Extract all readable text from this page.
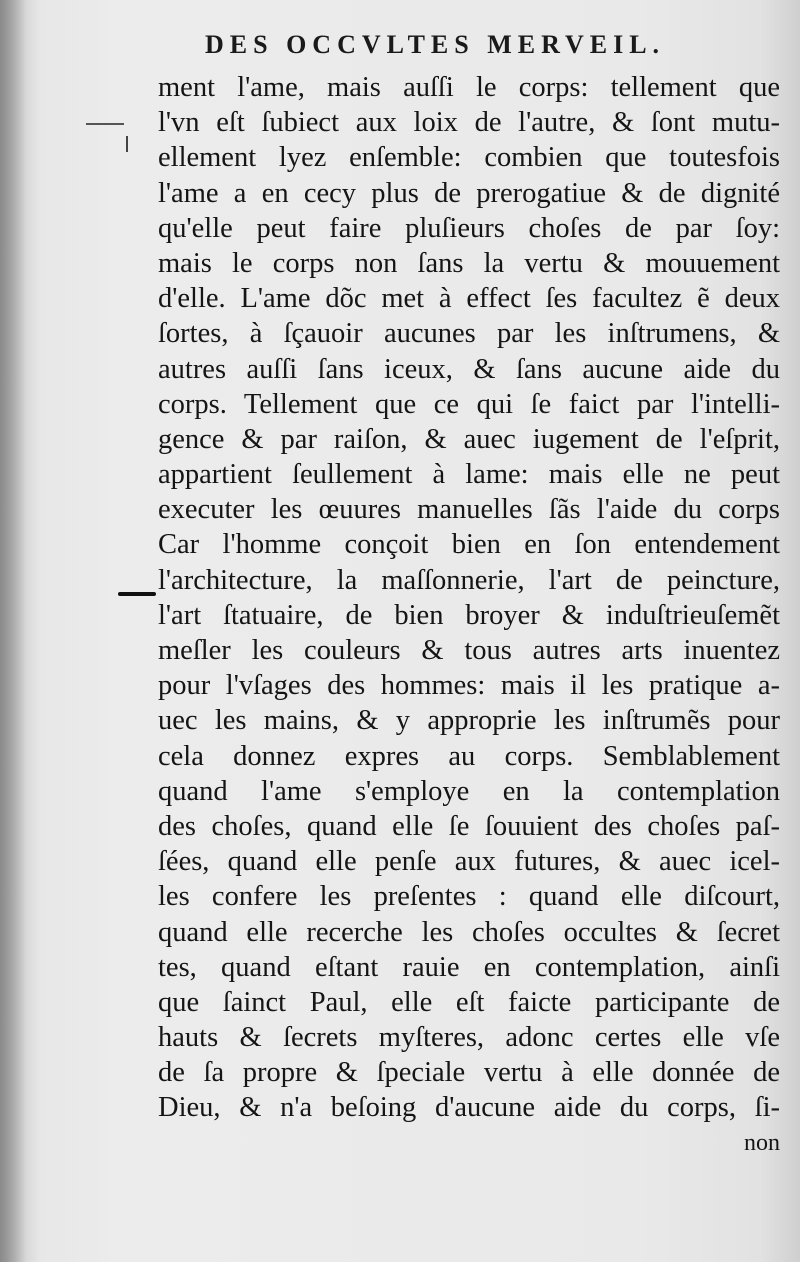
DES OCCVLTES MERVEIL.
ment l'ame, mais auſſi le corps: tellement que
l'vn eſt ſubiect aux loix de l'autre, & ſont mutu-
ellement lyez enſemble: combien que toutesfois
l'ame a en cecy plus de prerogatiue & de dignité
qu'elle peut faire pluſieurs choſes de par ſoy:
mais le corps non ſans la vertu & mouuement
d'elle. L'ame dõc met à effect ſes facultez ẽ deux
ſortes, à ſçauoir aucunes par les inſtrumens, &
autres auſſi ſans iceux, & ſans aucune aide du
corps. Tellement que ce qui ſe faict par l'intelli-
gence & par raiſon, & auec iugement de l'eſprit,
appartient ſeullement à lame: mais elle ne peut
executer les œuures manuelles ſãs l'aide du corps
Car l'homme conçoit bien en ſon entendement
l'architecture, la maſſonnerie, l'art de peincture,
l'art ſtatuaire, de bien broyer & induſtrieuſemẽt
meſler les couleurs & tous autres arts inuentez
pour l'vſages des hommes: mais il les pratique a-
uec les mains, & y approprie les inſtrumẽs pour
cela donnez expres au corps. Semblablement
quand l'ame s'employe en la contemplation
des choſes, quand elle ſe ſouuient des choſes paſ-
ſées, quand elle penſe aux futures, & auec icel-
les confere les preſentes : quand elle diſcourt,
quand elle recerche les choſes occultes & ſecret
tes, quand eſtant rauie en contemplation, ainſi
que ſainct Paul, elle eſt faicte participante de
hauts & ſecrets myſteres, adonc certes elle vſe
de ſa propre & ſpeciale vertu à elle donnée de
Dieu, & n'a beſoing d'aucune aide du corps, ſi-
non
